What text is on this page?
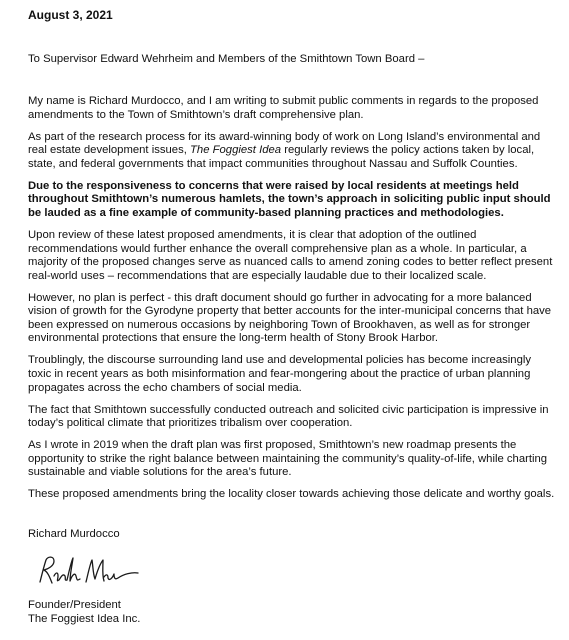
August 3, 2021
To Supervisor Edward Wehrheim and Members of the Smithtown Town Board –

My name is Richard Murdocco, and I am writing to submit public comments in regards to the proposed amendments to the Town of Smithtown’s draft comprehensive plan.

As part of the research process for its award-winning body of work on Long Island’s environmental and real estate development issues, The Foggiest Idea regularly reviews the policy actions taken by local, state, and federal governments that impact communities throughout Nassau and Suffolk Counties.

Due to the responsiveness to concerns that were raised by local residents at meetings held throughout Smithtown’s numerous hamlets, the town’s approach in soliciting public input should be lauded as a fine example of community-based planning practices and methodologies.

Upon review of these latest proposed amendments, it is clear that adoption of the outlined recommendations would further enhance the overall comprehensive plan as a whole. In particular, a majority of the proposed changes serve as nuanced calls to amend zoning codes to better reflect present real-world uses – recommendations that are especially laudable due to their localized scale.

However, no plan is perfect - this draft document should go further in advocating for a more balanced vision of growth for the Gyrodyne property that better accounts for the inter-municipal concerns that have been expressed on numerous occasions by neighboring Town of Brookhaven, as well as for stronger environmental protections that ensure the long-term health of Stony Brook Harbor.

Troublingly, the discourse surrounding land use and developmental policies has become increasingly toxic in recent years as both misinformation and fear-mongering about the practice of urban planning propagates across the echo chambers of social media.

The fact that Smithtown successfully conducted outreach and solicited civic participation is impressive in today’s political climate that prioritizes tribalism over cooperation.

As I wrote in 2019 when the draft plan was first proposed, Smithtown’s new roadmap presents the opportunity to strike the right balance between maintaining the community’s quality-of-life, while charting sustainable and viable solutions for the area’s future.

These proposed amendments bring the locality closer towards achieving those delicate and worthy goals.

Richard Murdocco
Founder/President
The Foggiest Idea Inc.
